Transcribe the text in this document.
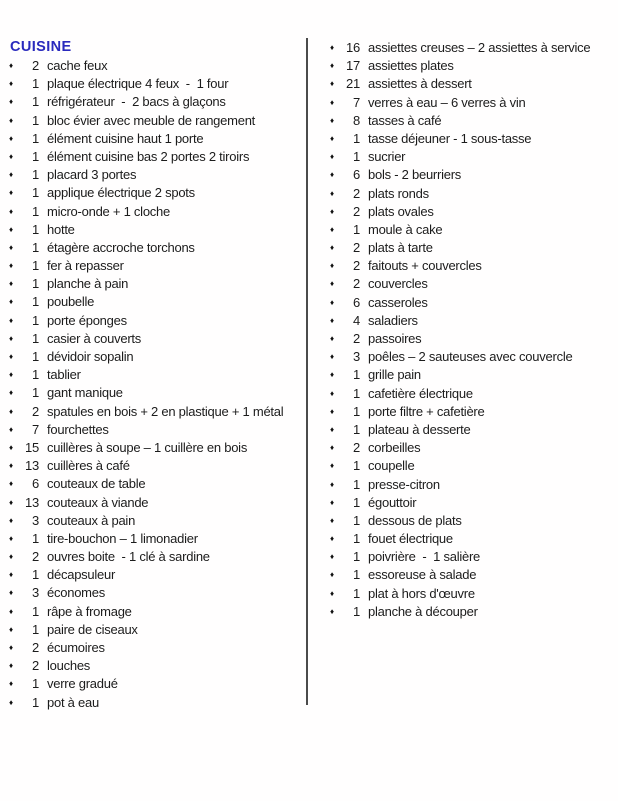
CUISINE
♦	2 cache feux
♦	1 plaque électrique 4 feux  -  1 four
♦	1 réfrigérateur  -  2 bacs à glaçons
♦	1 bloc évier avec meuble de rangement
♦	1 élément cuisine haut 1 porte
♦	1 élément cuisine bas 2 portes 2 tiroirs
♦	1 placard 3 portes
♦	1 applique électrique 2 spots
♦	1 micro-onde + 1 cloche
♦	1 hotte
♦	1 étagère accroche torchons
♦	1 fer à repasser
♦	1 planche à pain
♦	1 poubelle
♦	1 porte éponges
♦	1 casier à couverts
♦	1 dévidoir sopalin
♦	1 tablier
♦	1 gant manique
♦	2 spatules en bois + 2 en plastique + 1 métal
♦	7 fourchettes
♦ 15 cuillères à soupe – 1 cuillère en bois
♦ 13 cuillères à café
♦	6 couteaux de table
♦ 13 couteaux à viande
♦	3 couteaux à pain
♦	1 tire-bouchon – 1 limonadier
♦	2 ouvres boite  - 1 clé à sardine
♦	1 décapsuleur
♦	3 économes
♦	1 râpe à fromage
♦	1 paire de ciseaux
♦	2 écumoires
♦	2 louches
♦	1 verre gradué
♦	1 pot à eau
♦ 16 assiettes creuses – 2 assiettes à service
♦ 17 assiettes plates
♦ 21 assiettes à dessert
♦	7 verres à eau – 6 verres à vin
♦	8 tasses à café
♦	1 tasse déjeuner - 1 sous-tasse
♦	1 sucrier
♦	6 bols - 2 beurriers
♦	2 plats ronds
♦	2 plats ovales
♦	1 moule à cake
♦	2 plats à tarte
♦	2 faitouts + couvercles
♦	2 couvercles
♦	6 casseroles
♦	4 saladiers
♦	2 passoires
♦	3 poêles – 2 sauteuses avec couvercle
♦	1 grille pain
♦	1 cafetière électrique
♦	1 porte filtre + cafetière
♦	1 plateau à desserte
♦	2 corbeilles
♦	1 coupelle
♦	1 presse-citron
♦	1 égouttoir
♦	1 dessous de plats
♦	1 fouet électrique
♦	1 poivrière  -  1 salière
♦	1 essoreuse à salade
♦	1 plat à hors d'œuvre
♦	1 planche à découper
